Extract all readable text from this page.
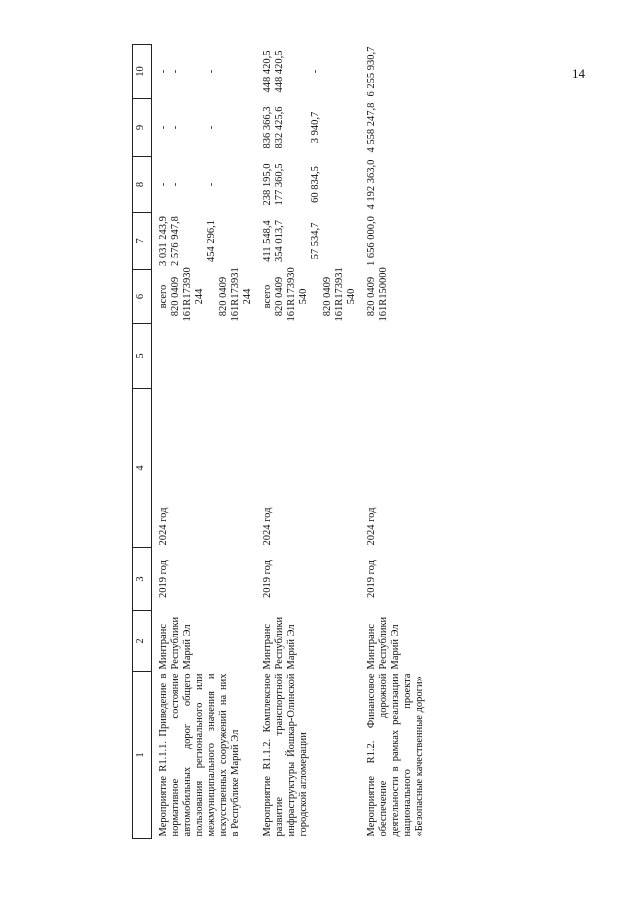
14
1	2	3	4	5	6	7	8	9	10
Мероприятие R1.1.1. Приведение в нормативное состояние автомобильных дорог общего пользования регионального или межмуниципального значения и искусственных сооружений на них в Республике Марий Эл	Минтранс Республики Марий Эл	2019 год	2024 год		всего 820 0409 161R173930 244 820 0409 161R173931 244	3 031 243,9 2 576 947,8 454 296,1	- - -	- - -	- - -

Мероприятие R1.1.2. Комплексное развитие транспортной инфраструктуры Йошкар-Олинской городской агломерации	Минтранс Республики Марий Эл	2019 год	2024 год		всего 820 0409 161R173930 540 820 0409 161R173931 540	411 548,4 354 013,7 57 534,7	238 195,0 177 360,5 60 834,5	836 366,3 832 425,6 3 940,7	448 420,5 448 420,5 -

Мероприятие R1.2. Финансовое обеспечение дорожной деятельности в рамках реализации национального проекта «Безопасные качественные дороги»	Минтранс Республики Марий Эл	2019 год	2024 год		820 0409 161R150000	1 656 000,0	4 192 363,0	4 558 247,8	6 255 930,7
